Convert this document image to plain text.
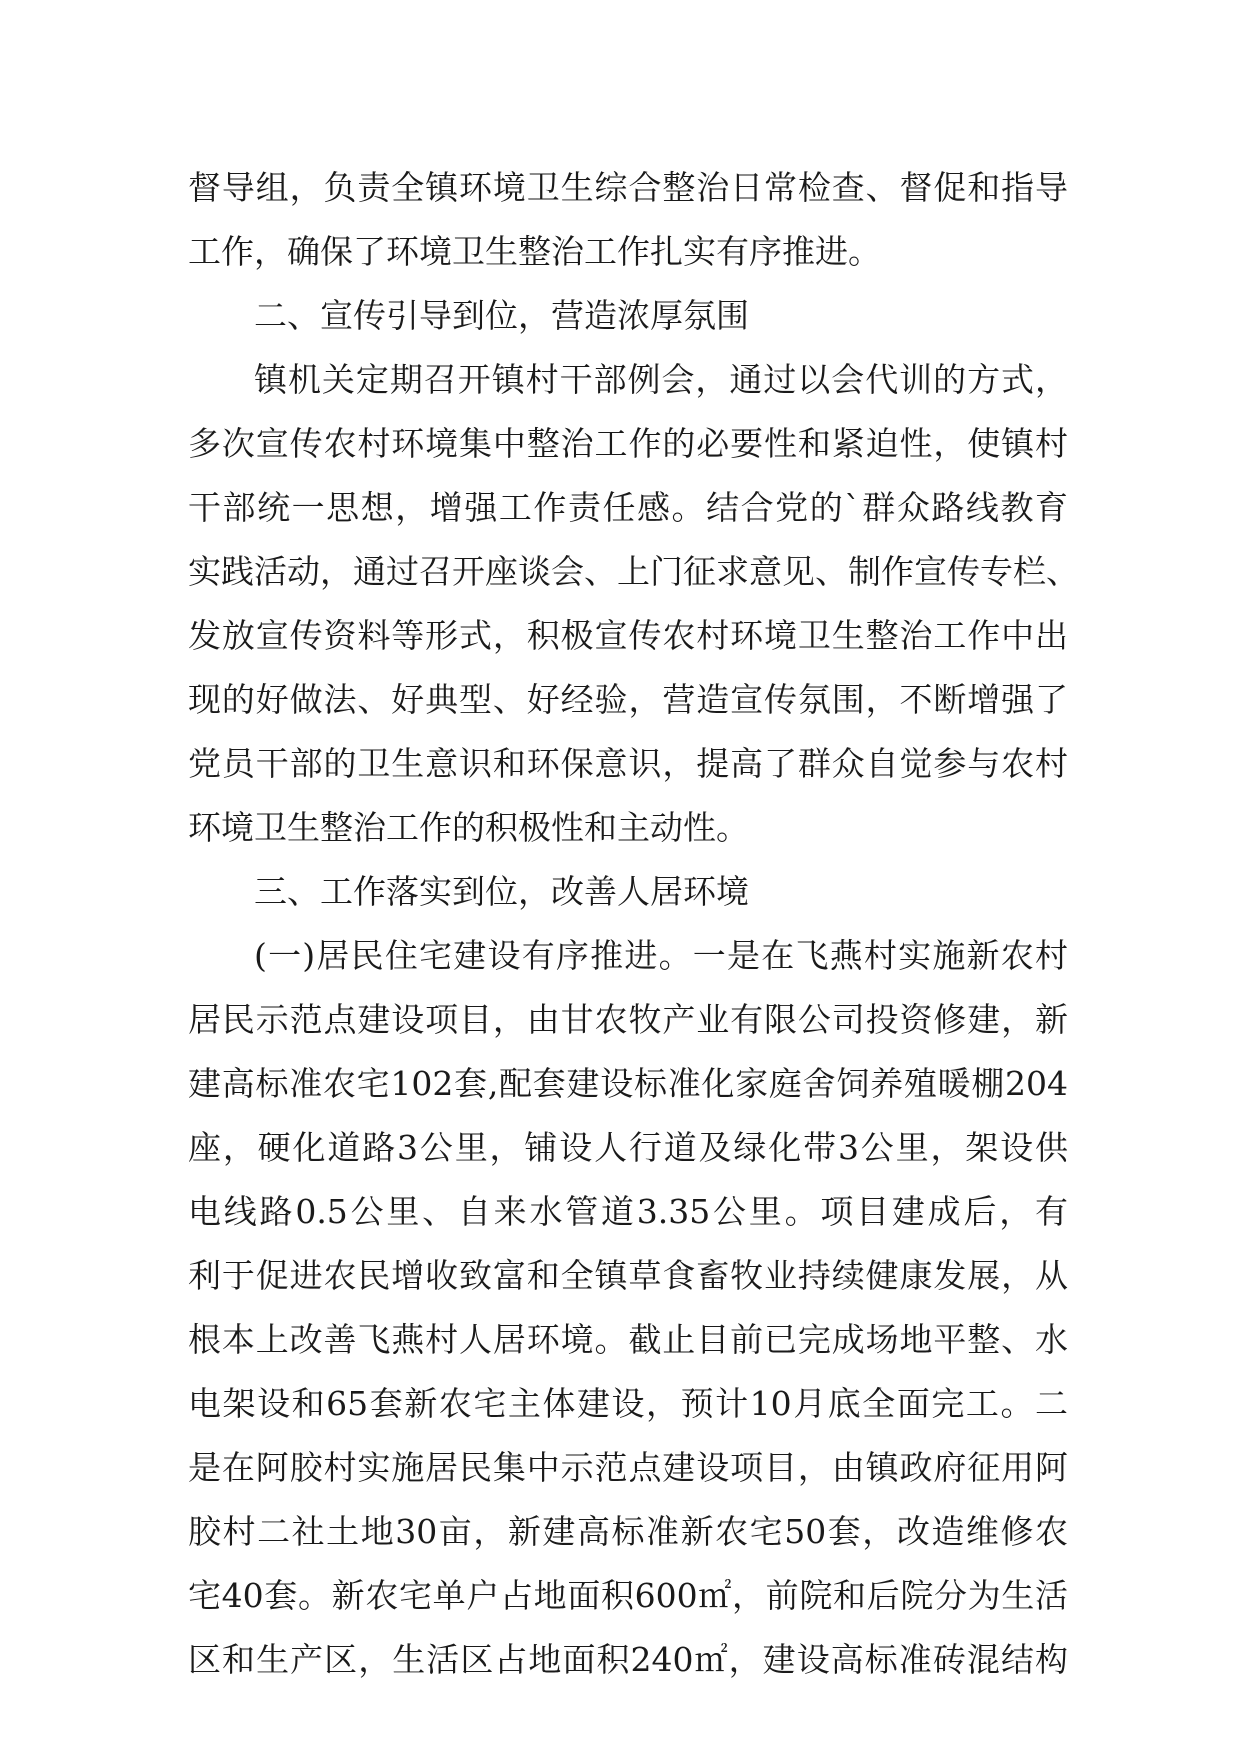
督导组，负责全镇环境卫生综合整治日常检查、督促和指导
工作，确保了环境卫生整治工作扎实有序推进。
二、宣传引导到位，营造浓厚氛围
镇机关定期召开镇村干部例会，通过以会代训的方式，
多次宣传农村环境集中整治工作的必要性和紧迫性，使镇村
干部统一思想，增强工作责任感。结合党的`群众路线教育
实践活动，通过召开座谈会、上门征求意见、制作宣传专栏、
发放宣传资料等形式，积极宣传农村环境卫生整治工作中出
现的好做法、好典型、好经验，营造宣传氛围，不断增强了
党员干部的卫生意识和环保意识，提高了群众自觉参与农村
环境卫生整治工作的积极性和主动性。
三、工作落实到位，改善人居环境
(一)居民住宅建设有序推进。一是在飞燕村实施新农村
居民示范点建设项目，由甘农牧产业有限公司投资修建，新
建高标准农宅102套,配套建设标准化家庭舍饲养殖暖棚204
座，硬化道路3公里，铺设人行道及绿化带3公里，架设供
电线路0.5公里、自来水管道3.35公里。项目建成后，有
利于促进农民增收致富和全镇草食畜牧业持续健康发展，从
根本上改善飞燕村人居环境。截止目前已完成场地平整、水
电架设和65套新农宅主体建设，预计10月底全面完工。二
是在阿胶村实施居民集中示范点建设项目，由镇政府征用阿
胶村二社土地30亩，新建高标准新农宅50套，改造维修农
宅40套。新农宅单户占地面积600㎡，前院和后院分为生活
区和生产区，生活区占地面积240㎡，建设高标准砖混结构
